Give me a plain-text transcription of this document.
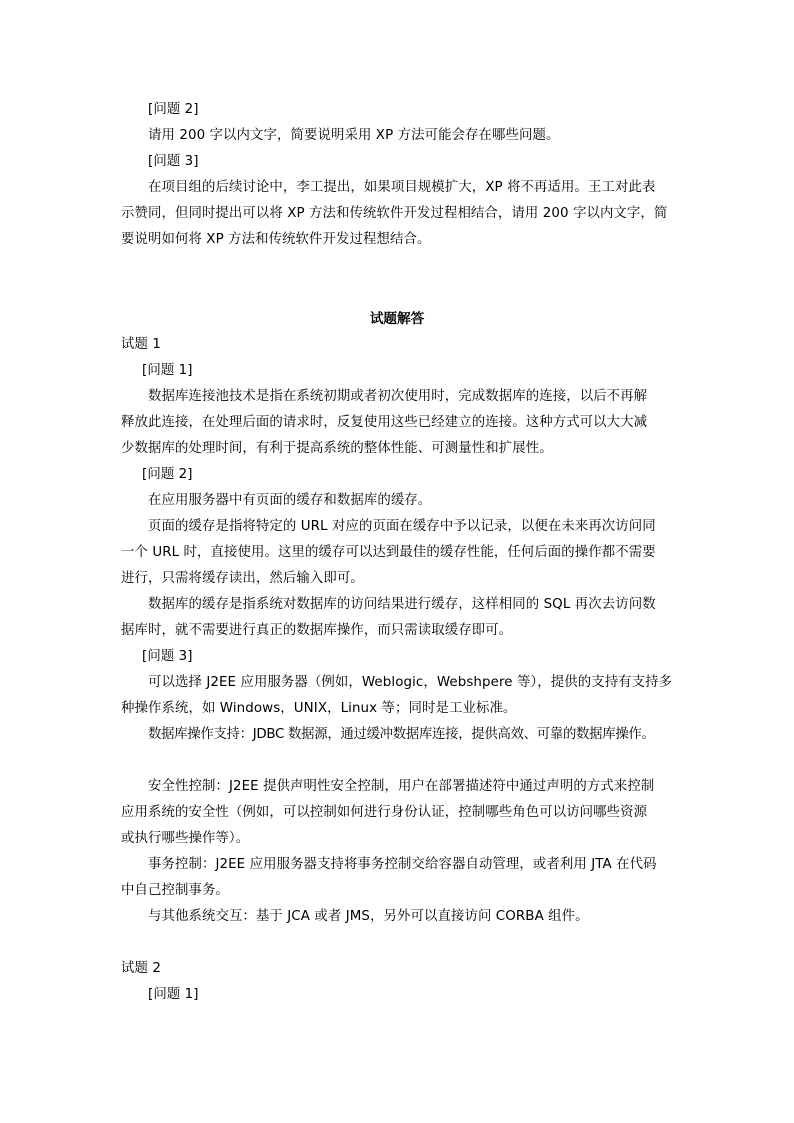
[问题 2]
请用 200 字以内文字，简要说明采用 XP 方法可能会存在哪些问题。
[问题 3]
在项目组的后续讨论中，李工提出，如果项目规模扩大，XP 将不再适用。王工对此表
示赞同，但同时提出可以将 XP 方法和传统软件开发过程相结合，请用 200 字以内文字，简
要说明如何将 XP 方法和传统软件开发过程想结合。
试题解答
试题 1
[问题 1]
数据库连接池技术是指在系统初期或者初次使用时，完成数据库的连接，以后不再解
释放此连接，在处理后面的请求时，反复使用这些已经建立的连接。这种方式可以大大减
少数据库的处理时间，有利于提高系统的整体性能、可测量性和扩展性。
[问题 2]
在应用服务器中有页面的缓存和数据库的缓存。
页面的缓存是指将特定的 URL 对应的页面在缓存中予以记录，以便在未来再次访问同
一个 URL 时，直接使用。这里的缓存可以达到最佳的缓存性能，任何后面的操作都不需要
进行，只需将缓存读出，然后输入即可。
数据库的缓存是指系统对数据库的访问结果进行缓存，这样相同的 SQL 再次去访问数
据库时，就不需要进行真正的数据库操作，而只需读取缓存即可。
[问题 3]
可以选择 J2EE 应用服务器（例如，Weblogic，Webshpere 等），提供的支持有支持多
种操作系统，如 Windows，UNIX，Linux 等；同时是工业标准。
数据库操作支持：JDBC 数据源，通过缓冲数据库连接，提供高效、可靠的数据库操作。
安全性控制：J2EE 提供声明性安全控制，用户在部署描述符中通过声明的方式来控制
应用系统的安全性（例如，可以控制如何进行身份认证，控制哪些角色可以访问哪些资源
或执行哪些操作等）。
事务控制：J2EE 应用服务器支持将事务控制交给容器自动管理，或者利用 JTA 在代码
中自己控制事务。
与其他系统交互：基于 JCA 或者 JMS，另外可以直接访问 CORBA 组件。
试题 2
[问题 1]
